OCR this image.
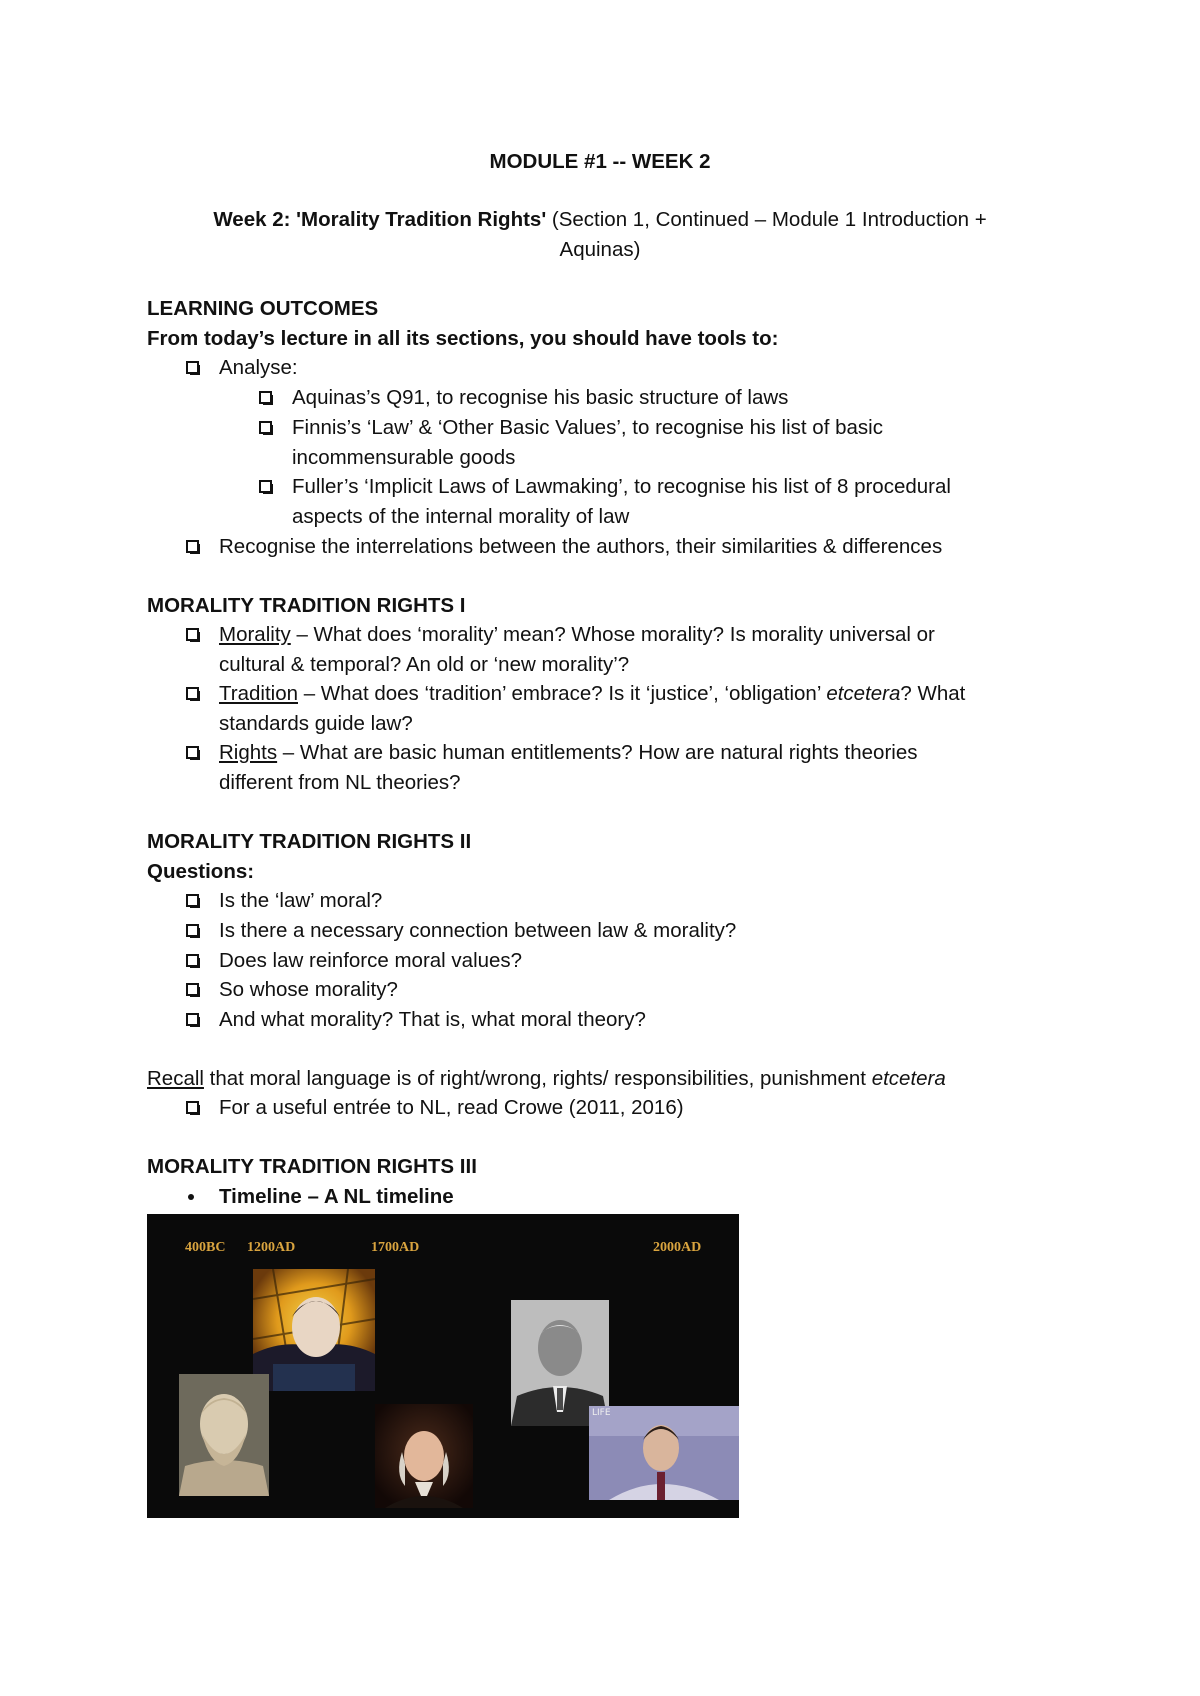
MODULE #1 -- WEEK 2
Week 2: 'Morality Tradition Rights' (Section 1, Continued – Module 1 Introduction +
Aquinas)
LEARNING OUTCOMES
From today’s lecture in all its sections, you should have tools to:
Analyse:
Aquinas’s Q91, to recognise his basic structure of laws
Finnis’s ‘Law’ & ‘Other Basic Values’, to recognise his list of basic
incommensurable goods
Fuller’s ‘Implicit Laws of Lawmaking’, to recognise his list of 8 procedural
aspects of the internal morality of law
Recognise the interrelations between the authors, their similarities & differences
MORALITY TRADITION RIGHTS I
Morality – What does ‘morality’ mean? Whose morality? Is morality universal or
cultural & temporal? An old or ‘new morality’?
Tradition – What does ‘tradition’ embrace? Is it ‘justice’, ‘obligation’ etcetera? What
standards guide law?
Rights – What are basic human entitlements? How are natural rights theories
different from NL theories?
MORALITY TRADITION RIGHTS II
Questions:
Is the ‘law’ moral?
Is there a necessary connection between law & morality?
Does law reinforce moral values?
So whose morality?
And what morality? That is, what moral theory?
Recall that moral language is of right/wrong, rights/ responsibilities, punishment etcetera
For a useful entrée to NL, read Crowe (2011, 2016)
MORALITY TRADITION RIGHTS III
Timeline – A NL timeline
400BC 1200AD	1700AD	2000AD
LIFE
